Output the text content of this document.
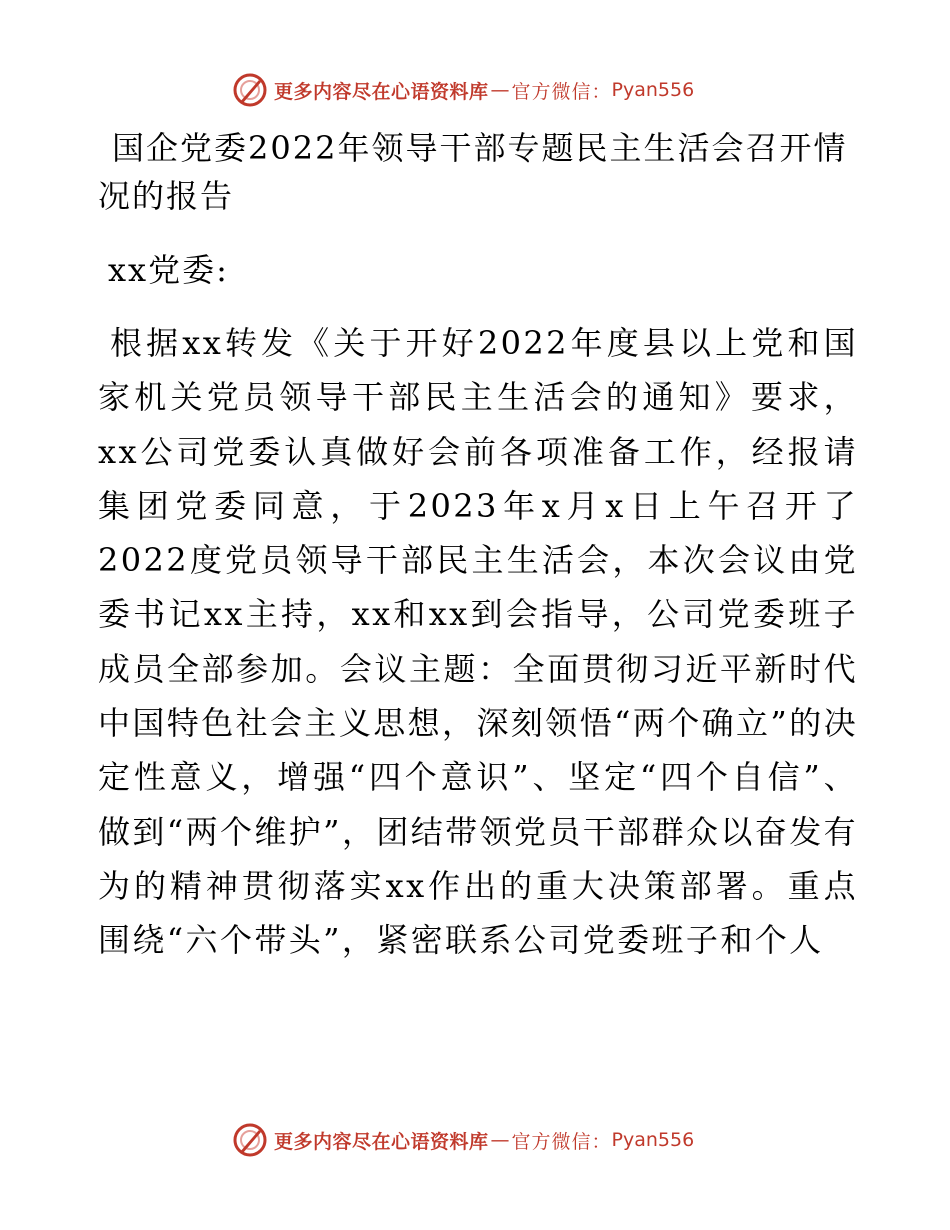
更多内容尽在心语资料库 — 官方微信： Pyan556
国企党委2022年领导干部专题民主生活会召开情况的报告

xx党委:

根据xx转发《关于开好2022年度县以上党和国家机关党员领导干部民主生活会的通知》要求，xx公司党委认真做好会前各项准备工作，经报请集团党委同意，于2023年x月x日上午召开了2022度党员领导干部民主生活会，本次会议由党委书记xx主持，xx和xx到会指导，公司党委班子成员全部参加。会议主题：全面贯彻习近平新时代中国特色社会主义思想，深刻领悟“两个确立”的决定性意义，增强“四个意识”、坚定“四个自信”、做到“两个维护”，团结带领党员干部群众以奋发有为的精神贯彻落实xx作出的重大决策部署。重点围绕“六个带头”，紧密联系公司党委班子和个人

更多内容尽在心语资料库 — 官方微信： Pyan556
